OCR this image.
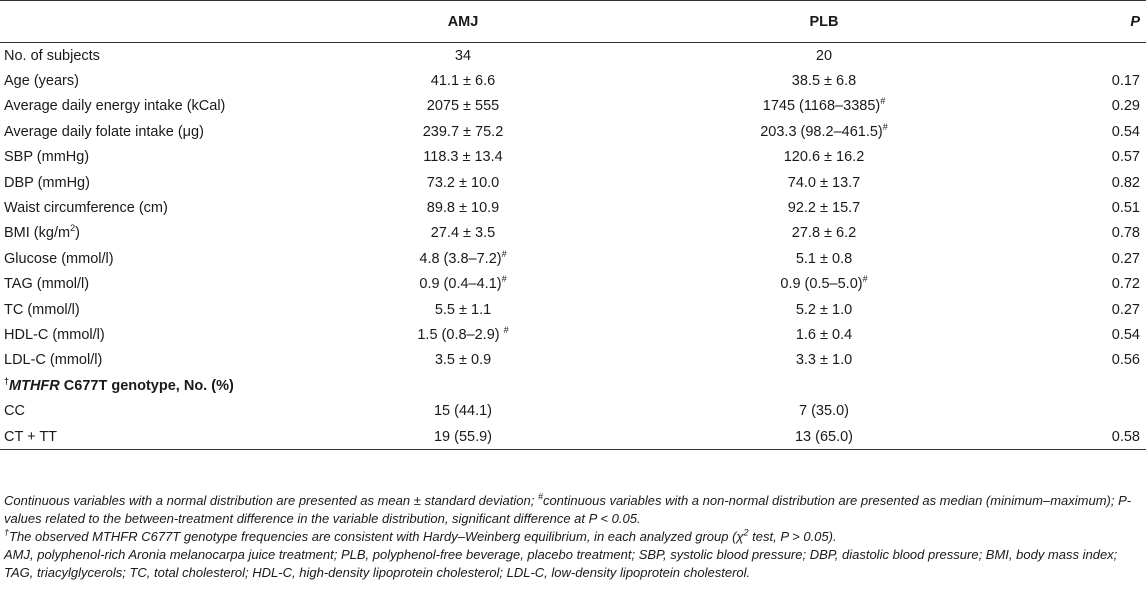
	AMJ	PLB	P
No. of subjects	34	20	
Age (years)	41.1 ± 6.6	38.5 ± 6.8	0.17
Average daily energy intake (kCal)	2075 ± 555	1745 (1168–3385)#	0.29
Average daily folate intake (μg)	239.7 ± 75.2	203.3 (98.2–461.5)#	0.54
SBP (mmHg)	118.3 ± 13.4	120.6 ± 16.2	0.57
DBP (mmHg)	73.2 ± 10.0	74.0 ± 13.7	0.82
Waist circumference (cm)	89.8 ± 10.9	92.2 ± 15.7	0.51
BMI $(kg/m^2)$	27.4 ± 3.5	27.8 ± 6.2	0.78
Glucose (mmol/l)	4.8 (3.8–7.2)#	5.1 ± 0.8	0.27
TAG (mmol/l)	0.9 (0.4–4.1)#	0.9 (0.5–5.0)#	0.72
TC (mmol/l)	5.5 ± 1.1	5.2 ± 1.0	0.27
HDL-C (mmol/l)	1.5 (0.8–2.9) #	1.6 ± 0.4	0.54
LDL-C (mmol/l)	3.5 ± 0.9	3.3 ± 1.0	0.56
†MTHFR C677T genotype, No. (%)			
CC	15 (44.1)	7 (35.0)	
CT + TT	19 (55.9)	13 (65.0)	0.58

Continuous variables with a normal distribution are presented as mean ± standard deviation; #continuous variables with a non-normal distribution are presented as median (minimum–maximum); P-values related to the between-treatment difference in the variable distribution, significant difference at P < 0.05.

†The observed MTHFR C677T genotype frequencies are consistent with Hardy–Weinberg equilibrium, in each analyzed group ($\chi^2$ test, P > 0.05).

AMJ, polyphenol-rich Aronia melanocarpa juice treatment; PLB, polyphenol-free beverage, placebo treatment; SBP, systolic blood pressure; DBP, diastolic blood pressure; BMI, body mass index; TAG, triacylglycerols; TC, total cholesterol; HDL-C, high-density lipoprotein cholesterol; LDL-C, low-density lipoprotein cholesterol.
